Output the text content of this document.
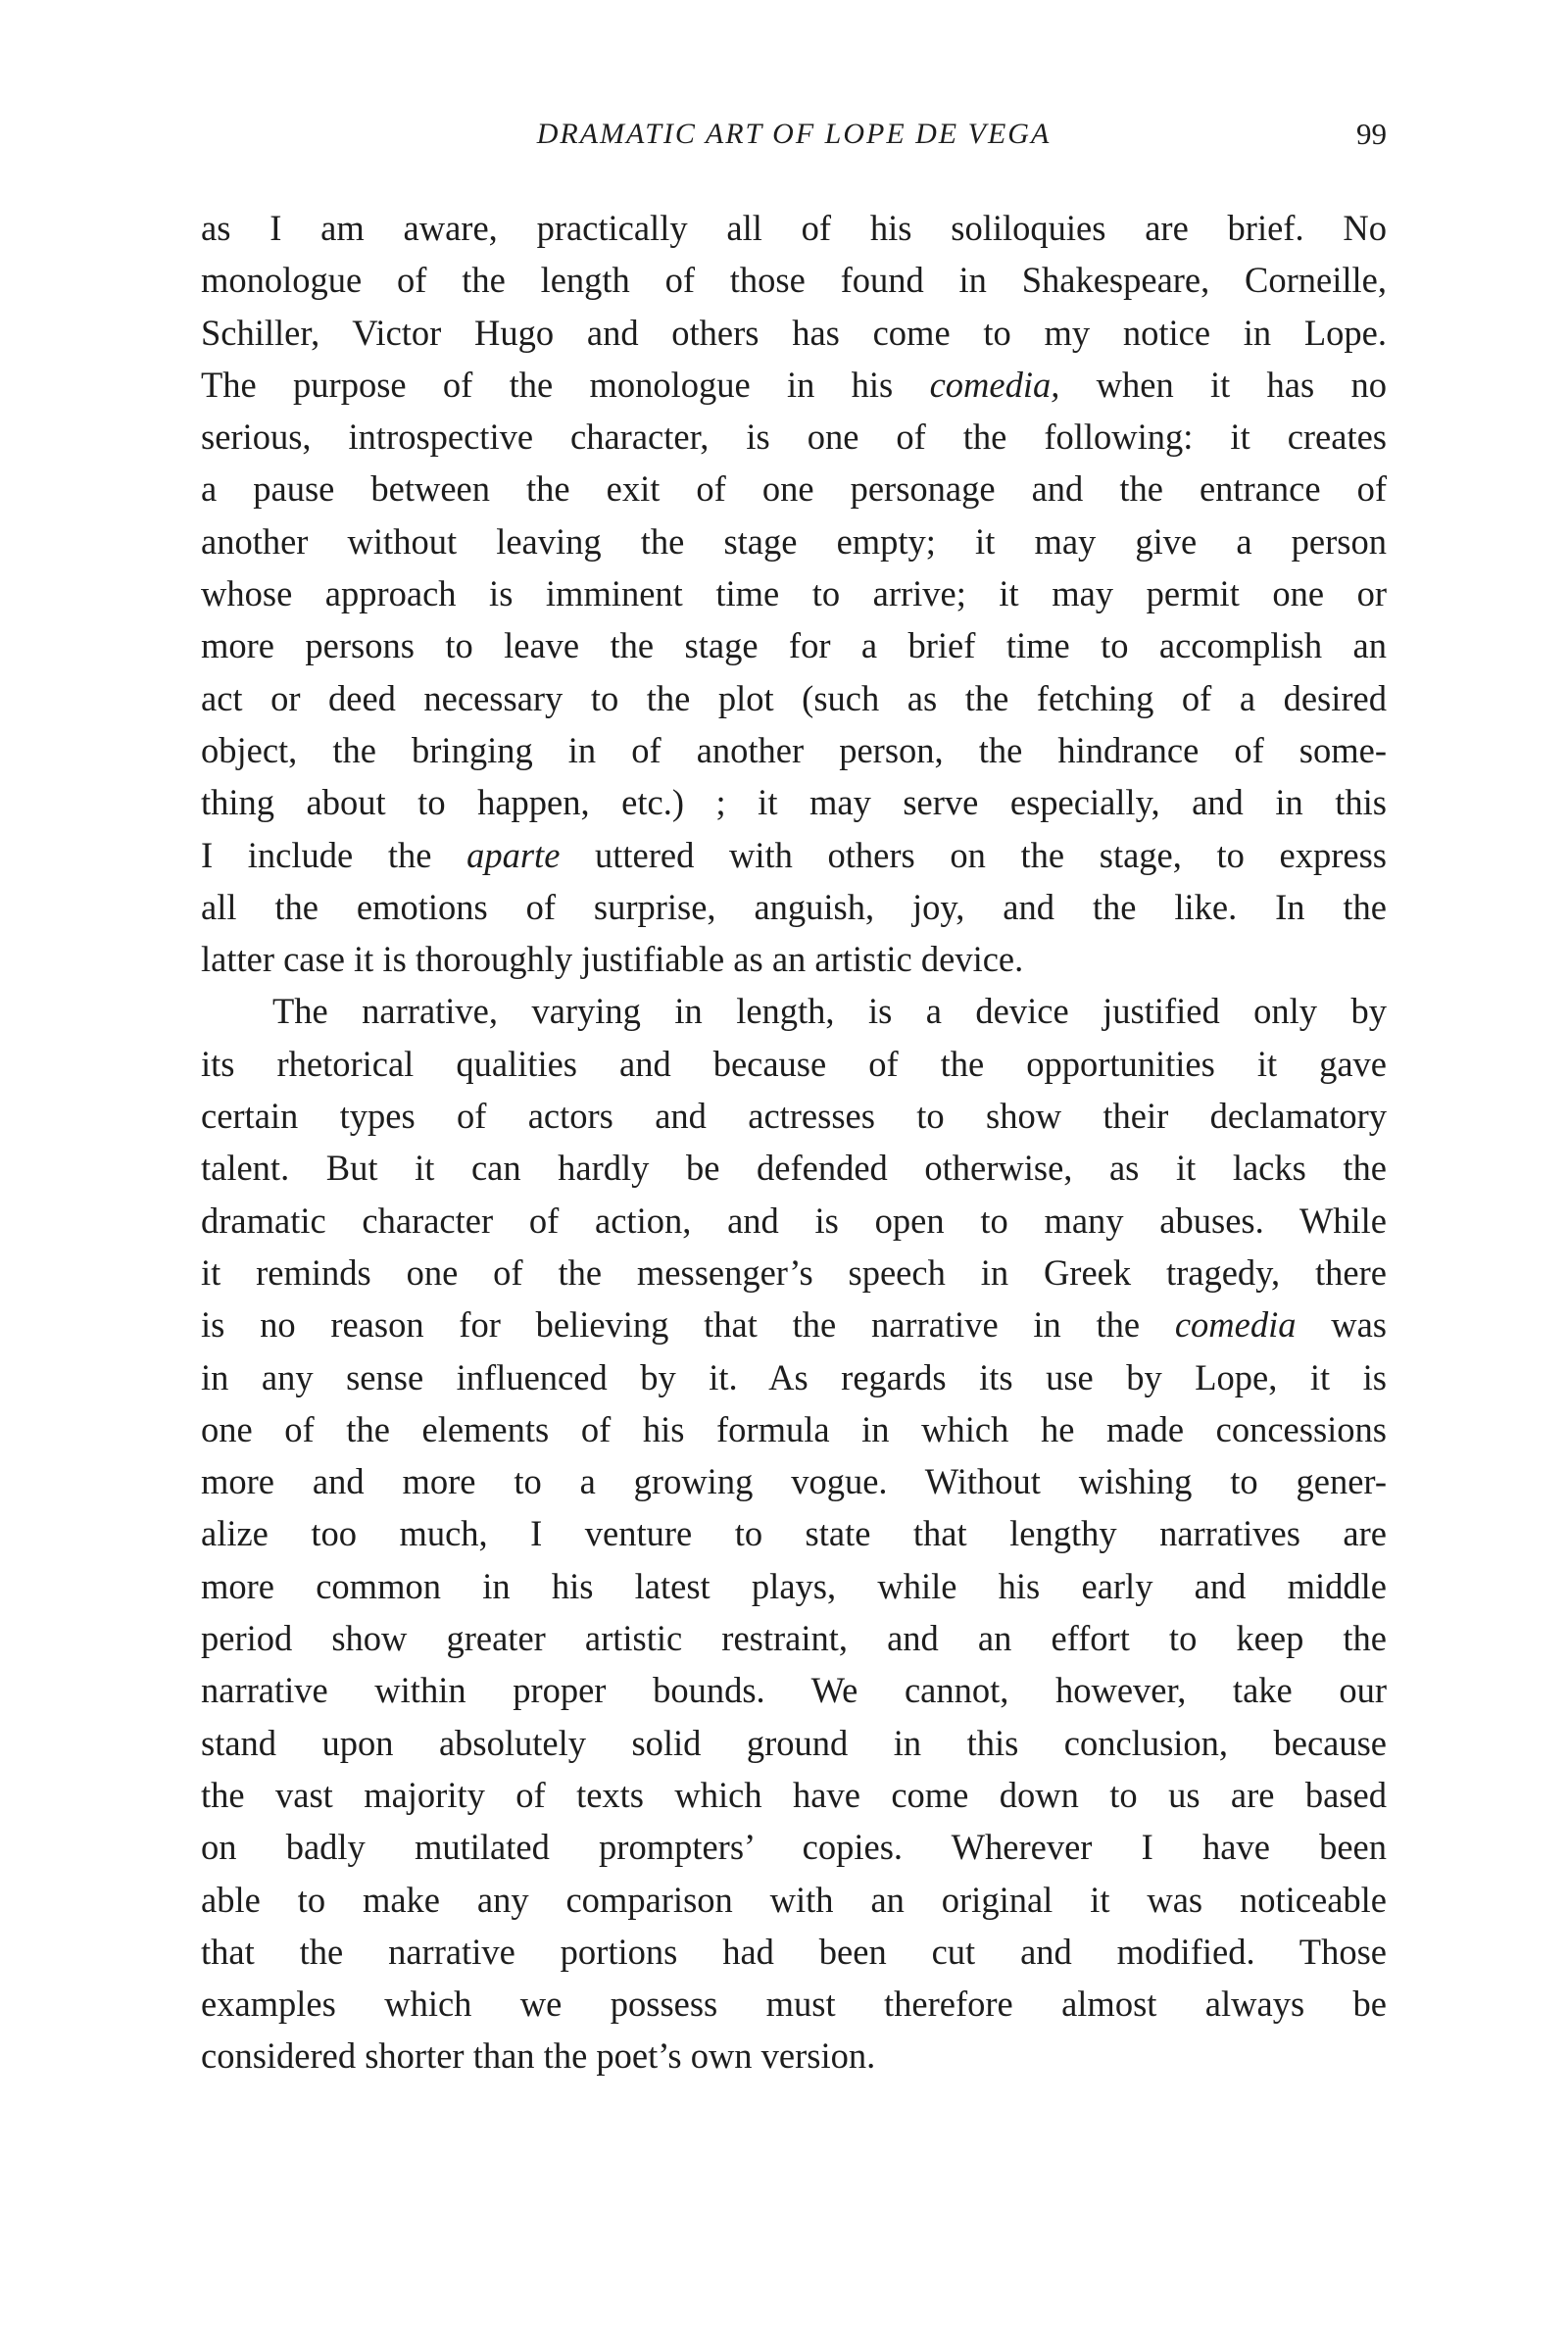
DRAMATIC ART OF LOPE DE VEGA	99
as I am aware, practically all of his soliloquies are brief. No
monologue of the length of those found in Shakespeare, Corneille,
Schiller, Victor Hugo and others has come to my notice in Lope.
The purpose of the monologue in his comedia, when it has no
serious, introspective character, is one of the following: it creates
a pause between the exit of one personage and the entrance of
another without leaving the stage empty; it may give a person
whose approach is imminent time to arrive; it may permit one or
more persons to leave the stage for a brief time to accomplish an
act or deed necessary to the plot (such as the fetching of a desired
object, the bringing in of another person, the hindrance of some-
thing about to happen, etc.) ; it may serve especially, and in this
I include the aparte uttered with others on the stage, to express
all the emotions of surprise, anguish, joy, and the like. In the
latter case it is thoroughly justifiable as an artistic device.
The narrative, varying in length, is a device justified only by
its rhetorical qualities and because of the opportunities it gave
certain types of actors and actresses to show their declamatory
talent. But it can hardly be defended otherwise, as it lacks the
dramatic character of action, and is open to many abuses. While
it reminds one of the messenger’s speech in Greek tragedy, there
is no reason for believing that the narrative in the comedia was
in any sense influenced by it. As regards its use by Lope, it is
one of the elements of his formula in which he made concessions
more and more to a growing vogue. Without wishing to gener-
alize too much, I venture to state that lengthy narratives are
more common in his latest plays, while his early and middle
period show greater artistic restraint, and an effort to keep the
narrative within proper bounds. We cannot, however, take our
stand upon absolutely solid ground in this conclusion, because
the vast majority of texts which have come down to us are based
on badly mutilated prompters’ copies. Wherever I have been
able to make any comparison with an original it was noticeable
that the narrative portions had been cut and modified. Those
examples which we possess must therefore almost always be
considered shorter than the poet’s own version.
